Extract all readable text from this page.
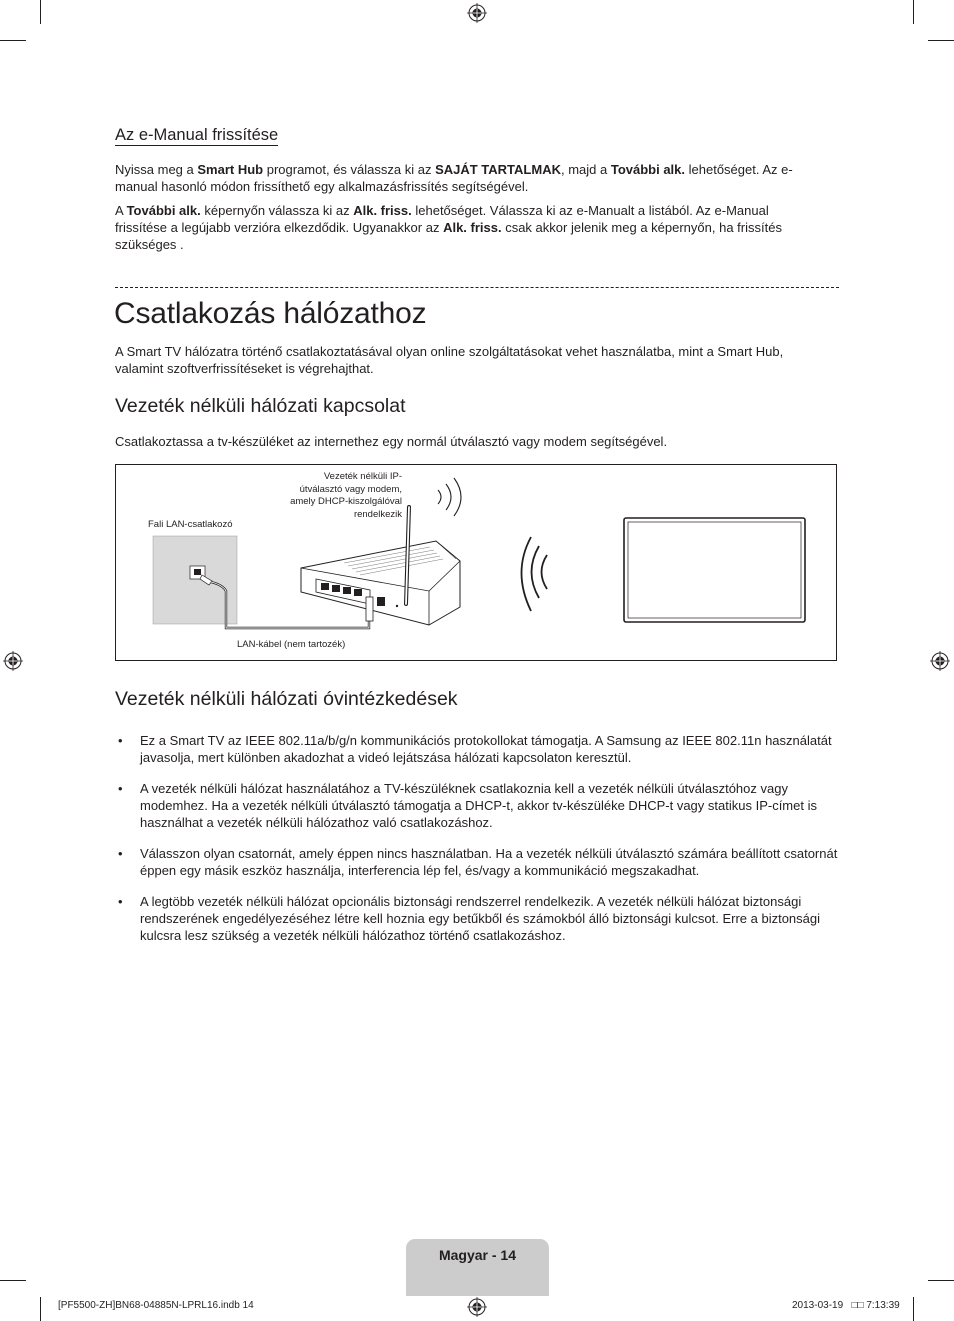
Az e-Manual frissítése
Nyissa meg a Smart Hub programot, és válassza ki az SAJÁT TARTALMAK, majd a További alk. lehetőséget. Az e-manual hasonló módon frissíthető egy alkalmazásfrissítés segítségével.
A További alk. képernyőn válassza ki az Alk. friss. lehetőséget. Válassza ki az e-Manualt a listából. Az e-Manual frissítése a legújabb verzióra elkezdődik. Ugyanakkor az Alk. friss. csak akkor jelenik meg a képernyőn, ha frissítés szükséges .
Csatlakozás hálózathoz
A Smart TV hálózatra történő csatlakoztatásával olyan online szolgáltatásokat vehet használatba, mint a Smart Hub, valamint szoftverfrissítéseket is végrehajthat.
Vezeték nélküli hálózati kapcsolat
Csatlakoztassa a tv-készüléket az internethez egy normál útválasztó vagy modem segítségével.
Fali LAN-csatlakozó
Vezeték nélküli IP-
útválasztó vagy modem,
amely DHCP-kiszolgálóval
rendelkezik
LAN-kábel (nem tartozék)
Vezeték nélküli hálózati óvintézkedések
• Ez a Smart TV az IEEE 802.11a/b/g/n kommunikációs protokollokat támogatja. A Samsung az IEEE 802.11n használatát javasolja, mert különben akadozhat a videó lejátszása hálózati kapcsolaton keresztül.
• A vezeték nélküli hálózat használatához a TV-készüléknek csatlakoznia kell a vezeték nélküli útválasztóhoz vagy modemhez. Ha a vezeték nélküli útválasztó támogatja a DHCP-t, akkor tv-készüléke DHCP-t vagy statikus IP-címet is használhat a vezeték nélküli hálózathoz való csatlakozáshoz.
• Válasszon olyan csatornát, amely éppen nincs használatban. Ha a vezeték nélküli útválasztó számára beállított csatornát éppen egy másik eszköz használja, interferencia lép fel, és/vagy a kommunikáció megszakadhat.
• A legtöbb vezeték nélküli hálózat opcionális biztonsági rendszerrel rendelkezik. A vezeték nélküli hálózat biztonsági rendszerének engedélyezéséhez létre kell hoznia egy betűkből és számokból álló biztonsági kulcsot. Erre a biztonsági kulcsra lesz szükség a vezeték nélküli hálózathoz történő csatlakozáshoz.
Magyar - 14
[PF5500-ZH]BN68-04885N-LPRL16.indb 14	2013-03-19   □□ 7:13:39
